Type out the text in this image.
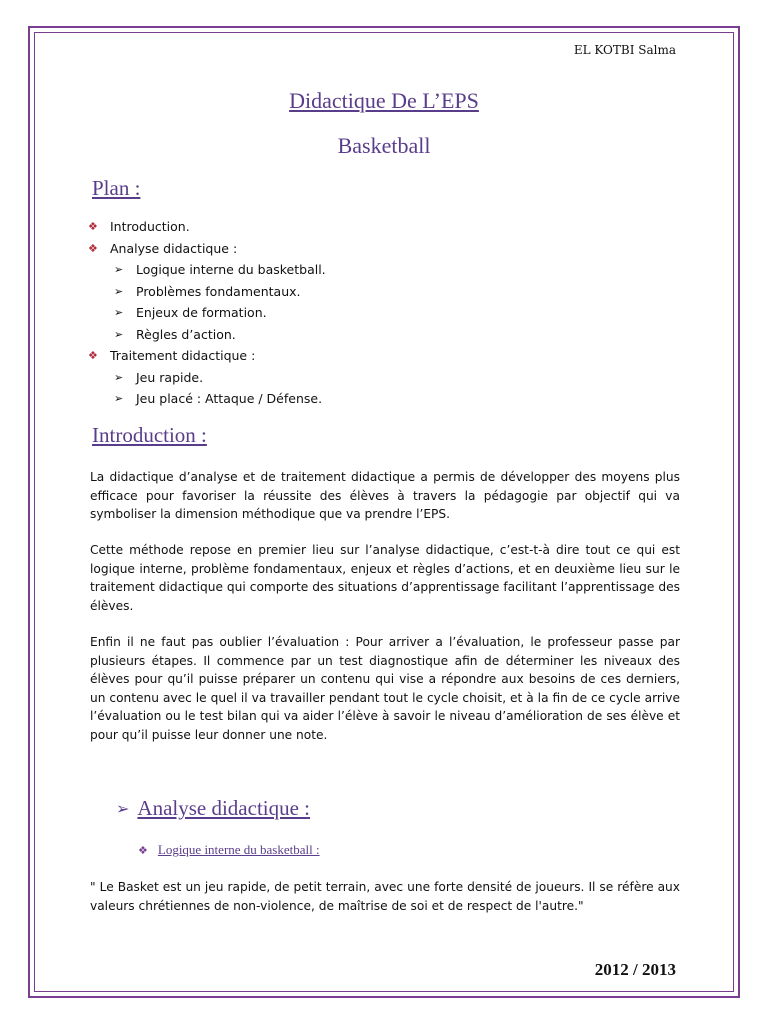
EL KOTBI Salma
Didactique De L’EPS
Basketball
Plan :
❖ Introduction.
❖ Analyse didactique :
➢	Logique interne du basketball.
➢	Problèmes fondamentaux.
➢	Enjeux de formation.
➢	Règles d’action.
❖ Traitement didactique :
➢	Jeu rapide.
➢	Jeu placé : Attaque / Défense.
Introduction :

La didactique d’analyse et de traitement didactique a permis de développer des moyens plus efficace pour favoriser la réussite des élèves à travers la pédagogie par objectif qui va symboliser la dimension méthodique que va prendre l’EPS.

Cette méthode repose en premier lieu sur l’analyse didactique, c’est-t-à dire tout ce qui est logique interne, problème fondamentaux, enjeux et règles d’actions, et en deuxième lieu sur le traitement didactique qui comporte des situations d’apprentissage facilitant l’apprentissage des élèves.

Enfin il ne faut pas oublier l’évaluation : Pour arriver a l’évaluation, le professeur passe par plusieurs étapes. Il commence par un test diagnostique afin de déterminer les niveaux des élèves pour qu’il puisse préparer un contenu qui vise a répondre aux besoins de ces derniers, un contenu avec le quel il va travailler pendant tout le cycle choisit, et à la fin de ce cycle arrive l’évaluation ou le test bilan qui va aider l’élève à savoir le niveau d’amélioration de ses élève et pour qu’il puisse leur donner une note.

➢ Analyse didactique :
❖ Logique interne du basketball :

" Le Basket est un jeu rapide, de petit terrain, avec une forte densité de joueurs. Il se réfère aux valeurs chrétiennes de non-violence, de maîtrise de soi et de respect de l'autre."

2012 / 2013
